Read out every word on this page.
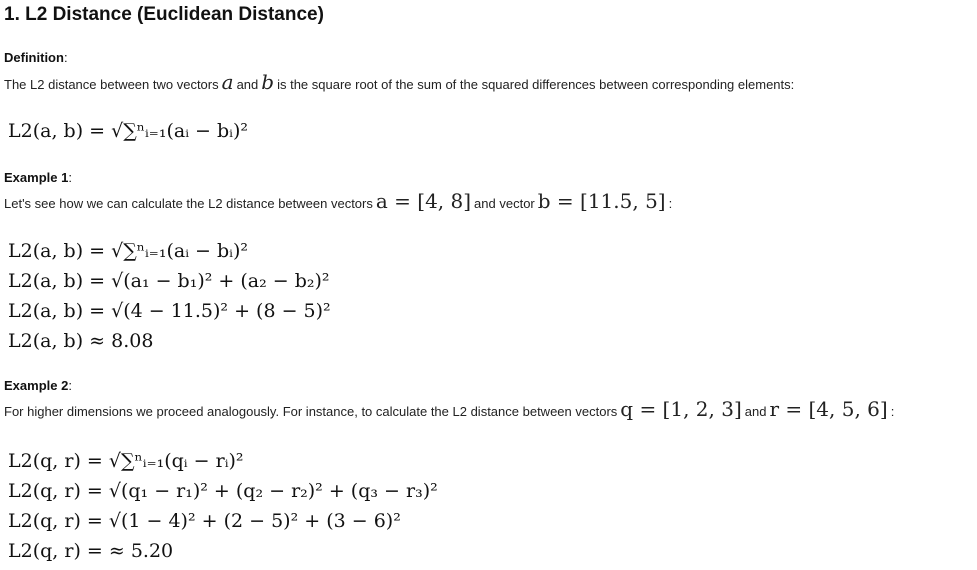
1. L2 Distance (Euclidean Distance)
Definition:
The L2 distance between two vectors a and b is the square root of the sum of the squared differences between corresponding elements:
L2(a, b) = √∑ⁿᵢ₌₁(aᵢ − bᵢ)²
Example 1:
Let's see how we can calculate the L2 distance between vectors a = [4, 8] and vector b = [11.5, 5] :
L2(a, b) = √∑ⁿᵢ₌₁(aᵢ − bᵢ)²
L2(a, b) = √(a₁ − b₁)² + (a₂ − b₂)²
L2(a, b) = √(4 − 11.5)² + (8 − 5)²
L2(a, b) ≈ 8.08
Example 2:
For higher dimensions we proceed analogously. For instance, to calculate the L2 distance between vectors q = [1, 2, 3] and r = [4, 5, 6] :
L2(q, r) = √∑ⁿᵢ₌₁(qᵢ − rᵢ)²
L2(q, r) = √(q₁ − r₁)² + (q₂ − r₂)² + (q₃ − r₃)²
L2(q, r) = √(1 − 4)² + (2 − 5)² + (3 − 6)²
L2(q, r) = ≈ 5.20
